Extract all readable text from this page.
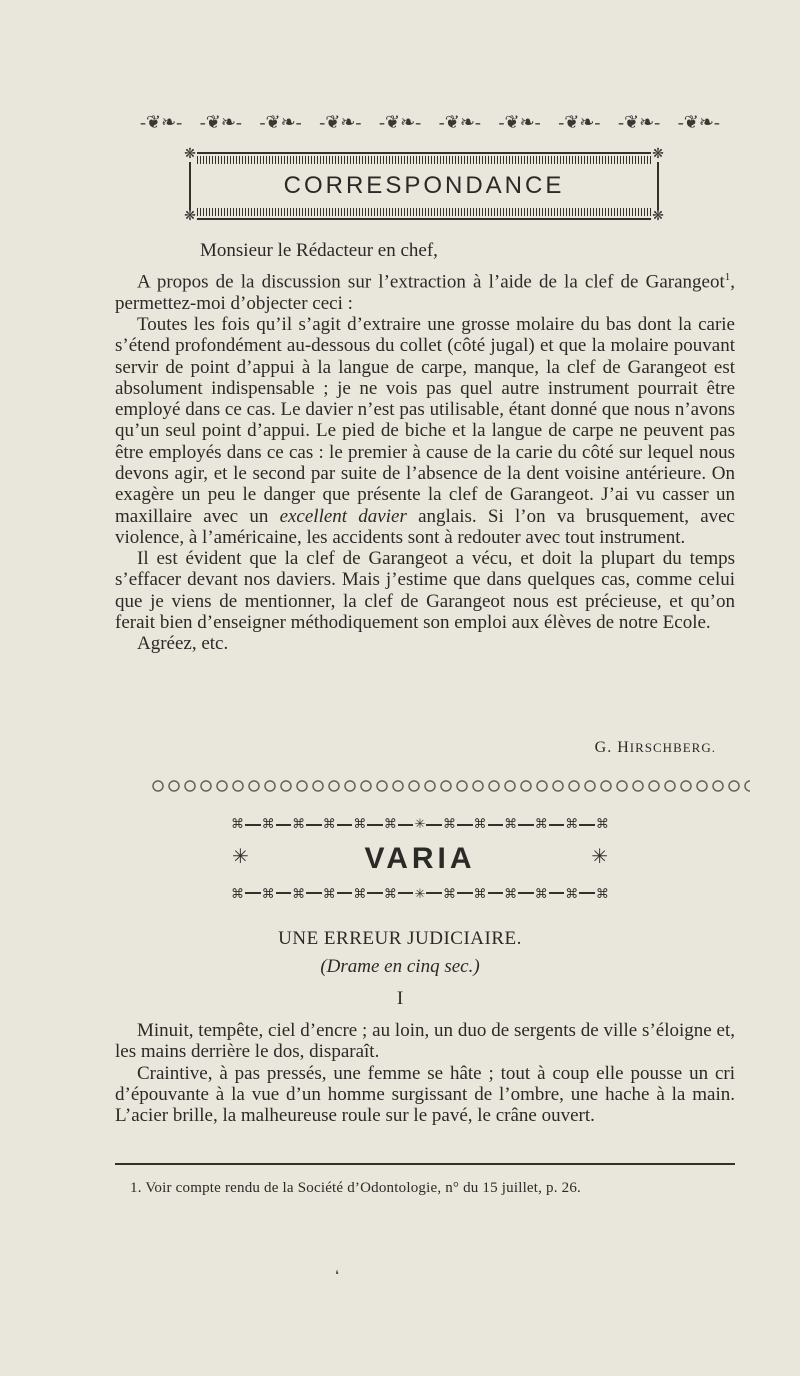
-❦❧- -❦❧- -❦❧- -❦❧- -❦❧- -❦❧- -❦❧- -❦❧- -❦❧- -❦❧-
❋	❋
❋	❋
CORRESPONDANCE
Monsieur le Rédacteur en chef,

A propos de la discussion sur l’extraction à l’aide de la clef de Garangeot$^1$, permettez-moi d’objecter ceci :

Toutes les fois qu’il s’agit d’extraire une grosse molaire du bas dont la carie s’étend profondément au-dessous du collet (côté jugal) et que la molaire pouvant servir de point d’appui à la langue de carpe, manque, la clef de Garangeot est absolument indispensable ; je ne vois pas quel autre instrument pourrait être employé dans ce cas. Le davier n’est pas utilisable, étant donné que nous n’avons qu’un seul point d’appui. Le pied de biche et la langue de carpe ne peuvent pas être employés dans ce cas : le premier à cause de la carie du côté sur lequel nous devons agir, et le second par suite de l’absence de la dent voisine antérieure. On exagère un peu le danger que présente la clef de Garangeot. J’ai vu casser un maxillaire avec un excellent davier anglais. Si l’on va brusquement, avec violence, à l’américaine, les accidents sont à redouter avec tout instrument.

Il est évident que la clef de Garangeot a vécu, et doit la plupart du temps s’effacer devant nos daviers. Mais j’estime que dans quelques cas, comme celui que je viens de mentionner, la clef de Garangeot nous est précieuse, et qu’on ferait bien d’enseigner méthodiquement son emploi aux élèves de notre Ecole.

Agréez, etc.

G. HIRSCHBERG.
⌘ ⌘ ⌘ ⌘ ⌘ ⌘ ✳ ⌘ ⌘ ⌘ ⌘ ⌘ ⌘
✳	✳
VARIA
⌘ ⌘ ⌘ ⌘ ⌘ ⌘ ✳ ⌘ ⌘ ⌘ ⌘ ⌘ ⌘
UNE ERREUR JUDICIAIRE.
(Drame en cinq sec.)
I

Minuit, tempête, ciel d’encre ; au loin, un duo de sergents de ville s’éloigne et, les mains derrière le dos, disparaît.

Craintive, à pas pressés, une femme se hâte ; tout à coup elle pousse un cri d’épouvante à la vue d’un homme surgissant de l’ombre, une hache à la main. L’acier brille, la malheureuse roule sur le pavé, le crâne ouvert.

1. Voir compte rendu de la Société d’Odontologie, n° du 15 juillet, p. 26.
❛
